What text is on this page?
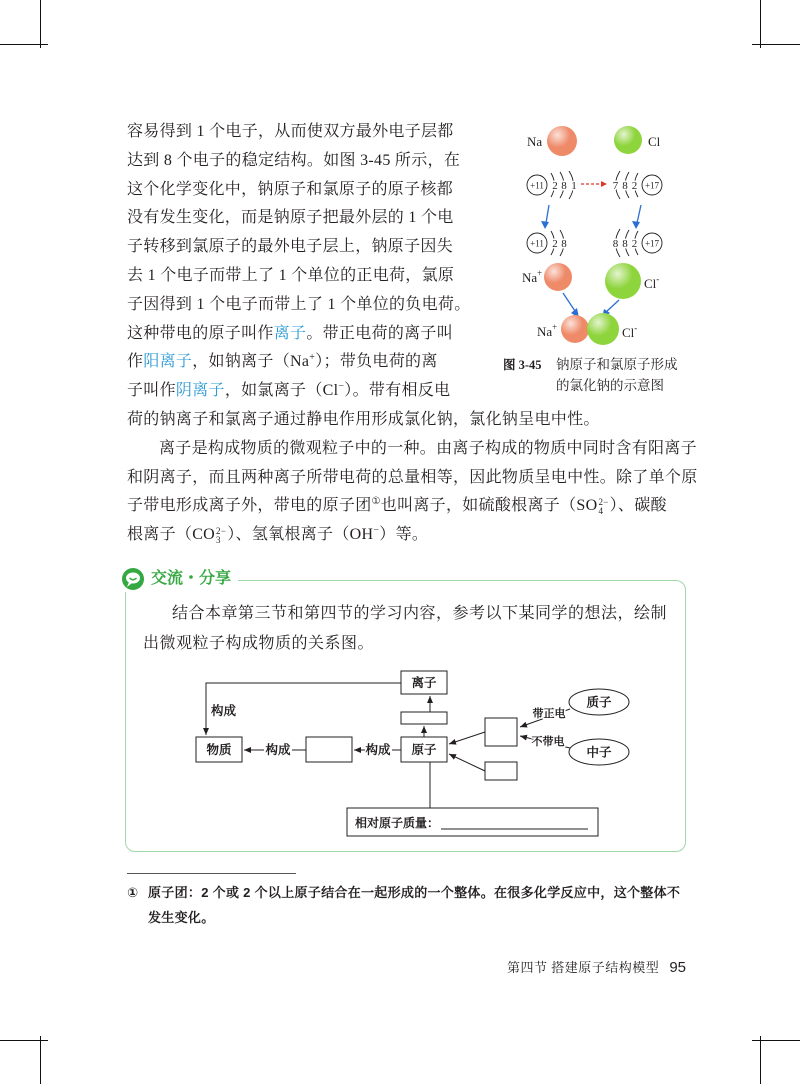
容易得到 1 个电子，从而使双方最外电子层都
达到 8 个电子的稳定结构。如图 3-45 所示，在
这个化学变化中，钠原子和氯原子的原子核都
没有发生变化，而是钠原子把最外层的 1 个电
子转移到氯原子的最外电子层上，钠原子因失
去 1 个电子而带上了 1 个单位的正电荷，氯原
子因得到 1 个电子而带上了 1 个单位的负电荷。
这种带电的原子叫作离子。带正电荷的离子叫
作阳离子，如钠离子（Na+）；带负电荷的离
子叫作阴离子，如氯离子（Cl−）。带有相反电
荷的钠离子和氯离子通过静电作用形成氯化钠，氯化钠呈电中性。
离子是构成物质的微观粒子中的一种。由离子构成的物质中同时含有阳离子
和阴离子，而且两种离子所带电荷的总量相等，因此物质呈电中性。除了单个原
子带电形成离子外，带电的原子团①也叫离子，如硫酸根离子（SO 2−
4 ）、碳酸
根离子（CO 2−
3 ）、氢氧根离子（OH−）等。
Na	Cl
+11 2 8 1	7 8 2 +17
+11 2 8	8 8 2 +17
Na+
Cl-
Na+	Cl-
图 3-45 钠原子和氯原子形成
的氯化钠的示意图
交流・分享
结合本章第三节和第四节的学习内容，参考以下某同学的想法，绘制
出微观粒子构成物质的关系图。
离子
原子
物质
构成
构成
构成
质子
中子
相对原子质量：
带正电
不带电
① 原子团：2 个或 2 个以上原子结合在一起形成的一个整体。在很多化学反应中，这个整体不
发生变化。
第四节 搭建原子结构模型 95
